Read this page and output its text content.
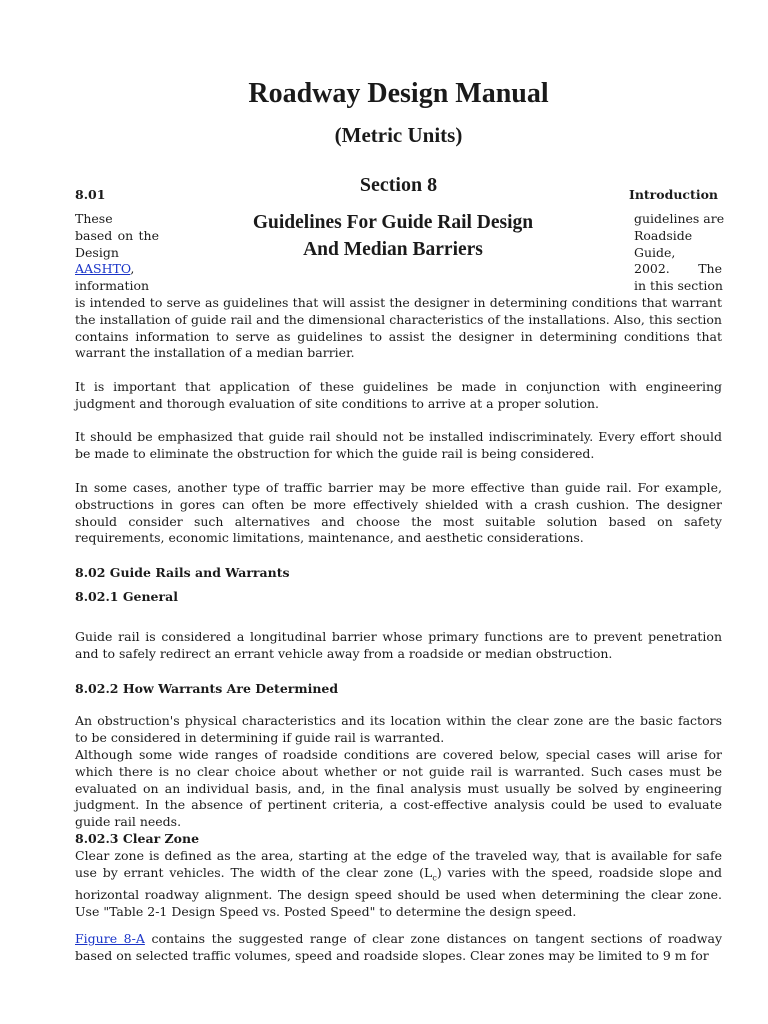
Roadway Design Manual
(Metric Units)
Section 8
8.01	Introduction
Guidelines For Guide Rail Design
And Median Barriers
These
based on the
Design
AASHTO,
information
guidelines are
Roadside
Guide,
2002.     The
in this section
is intended to serve as guidelines that will assist the designer in determining conditions that warrant the installation of guide rail and the dimensional characteristics of the installations. Also, this section contains information to serve as guidelines to assist the designer in determining conditions that warrant the installation of a median barrier.
It is important that application of these guidelines be made in conjunction with engineering judgment and thorough evaluation of site conditions to arrive at a proper solution.
It should be emphasized that guide rail should not be installed indiscriminately. Every effort should be made to eliminate the obstruction for which the guide rail is being considered.
In some cases, another type of traffic barrier may be more effective than guide rail. For example, obstructions in gores can often be more effectively shielded with a crash cushion. The designer should consider such alternatives and choose the most suitable solution based on safety requirements, economic limitations, maintenance, and aesthetic considerations.
8.02 Guide Rails and Warrants
8.02.1 General
Guide rail is considered a longitudinal barrier whose primary functions are to prevent penetration and to safely redirect an errant vehicle away from a roadside or median obstruction.
8.02.2 How Warrants Are Determined
An obstruction's physical characteristics and its location within the clear zone are the basic factors to be considered in determining if guide rail is warranted.
Although some wide ranges of roadside conditions are covered below, special cases will arise for which there is no clear choice about whether or not guide rail is warranted. Such cases must be evaluated on an individual basis, and, in the final analysis must usually be solved by engineering judgment. In the absence of pertinent criteria, a cost-effective analysis could be used to evaluate guide rail needs.
8.02.3 Clear Zone
Clear zone is defined as the area, starting at the edge of the traveled way, that is available for safe use by errant vehicles. The width of the clear zone $(L_c)$ varies with the speed, roadside slope and horizontal roadway alignment. The design speed should be used when determining the clear zone. Use "Table 2-1 Design Speed vs. Posted Speed" to determine the design speed.
Figure 8-A contains the suggested range of clear zone distances on tangent sections of roadway based on selected traffic volumes, speed and roadside slopes. Clear zones may be limited to 9 m for
